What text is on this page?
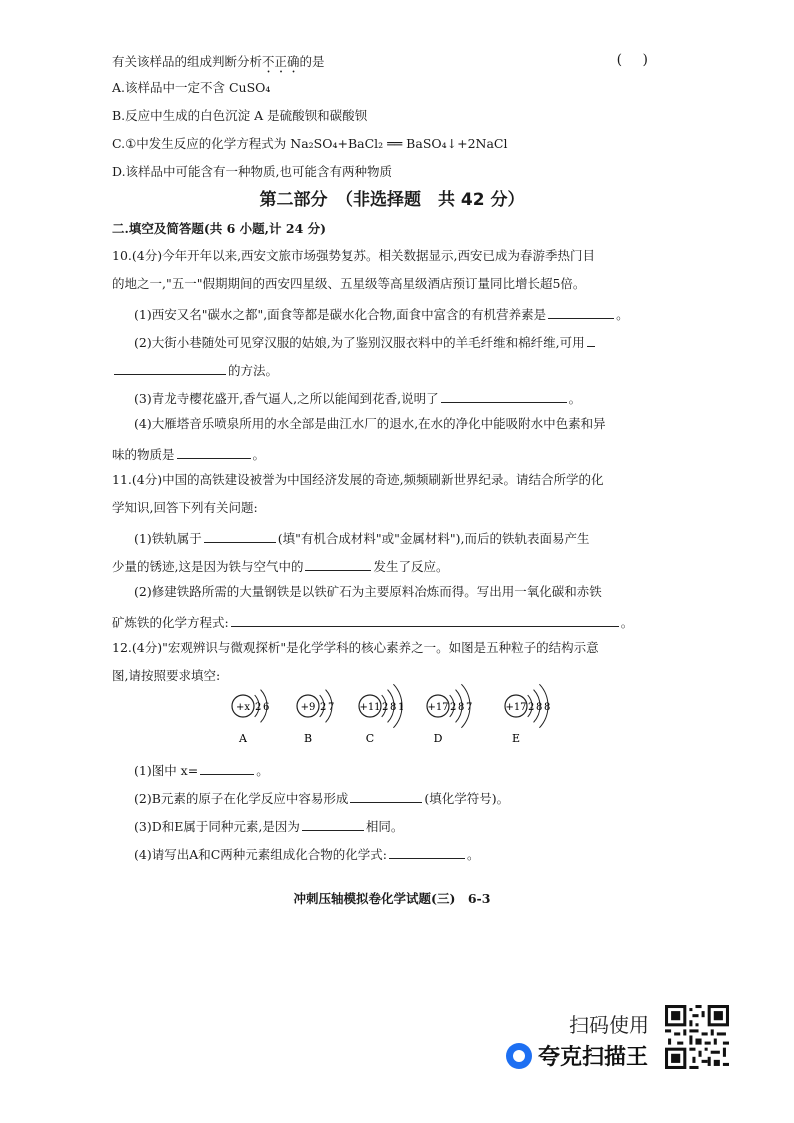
有关该样品的组成判断分析不正确的是	( )
A.该样品中一定不含 CuSO₄
B.反应中生成的白色沉淀 A 是硫酸钡和碳酸钡
C.①中发生反应的化学方程式为 Na₂SO₄+BaCl₂ ══ BaSO₄↓+2NaCl
D.该样品中可能含有一种物质,也可能含有两种物质
第二部分　（非选择题　共 42 分）
二.填空及简答题(共 6 小题,计 24 分)
10.(4分)今年开年以来,西安文旅市场强势复苏。相关数据显示,西安已成为春游季热门目
的地之一,"五一"假期期间的西安四星级、五星级等高星级酒店预订量同比增长超5倍。
(1)西安又名"碳水之都",面食等都是碳水化合物,面食中富含的有机营养素是	。
(2)大街小巷随处可见穿汉服的姑娘,为了鉴别汉服衣料中的羊毛纤维和棉纤维,可用
的方法。
(3)青龙寺樱花盛开,香气逼人,之所以能闻到花香,说明了	。
(4)大雁塔音乐喷泉所用的水全部是曲江水厂的退水,在水的净化中能吸附水中色素和异
味的物质是	。
11.(4分)中国的高铁建设被誉为中国经济发展的奇迹,频频刷新世界纪录。请结合所学的化
学知识,回答下列有关问题:
(1)铁轨属于	(填"有机合成材料"或"金属材料"),而后的铁轨表面易产生
少量的锈迹,这是因为铁与空气中的	发生了反应。
(2)修建铁路所需的大量钢铁是以铁矿石为主要原料冶炼而得。写出用一氧化碳和赤铁
矿炼铁的化学方程式:	。
12.(4分)"宏观辨识与微观探析"是化学学科的核心素养之一。如图是五种粒子的结构示意
图,请按照要求填空:
+x 2 6
A
+9 2 7
B
+11 2 8 1
C
+17 2 8 7
D
+17 2 8 8
E
(1)图中 x=	。
(2)B元素的原子在化学反应中容易形成	(填化学符号)。
(3)D和E属于同种元素,是因为	相同。
(4)请写出A和C两种元素组成化合物的化学式:	。
冲刺压轴模拟卷化学试题(三)　6-3
扫码使用
夸克扫描王
